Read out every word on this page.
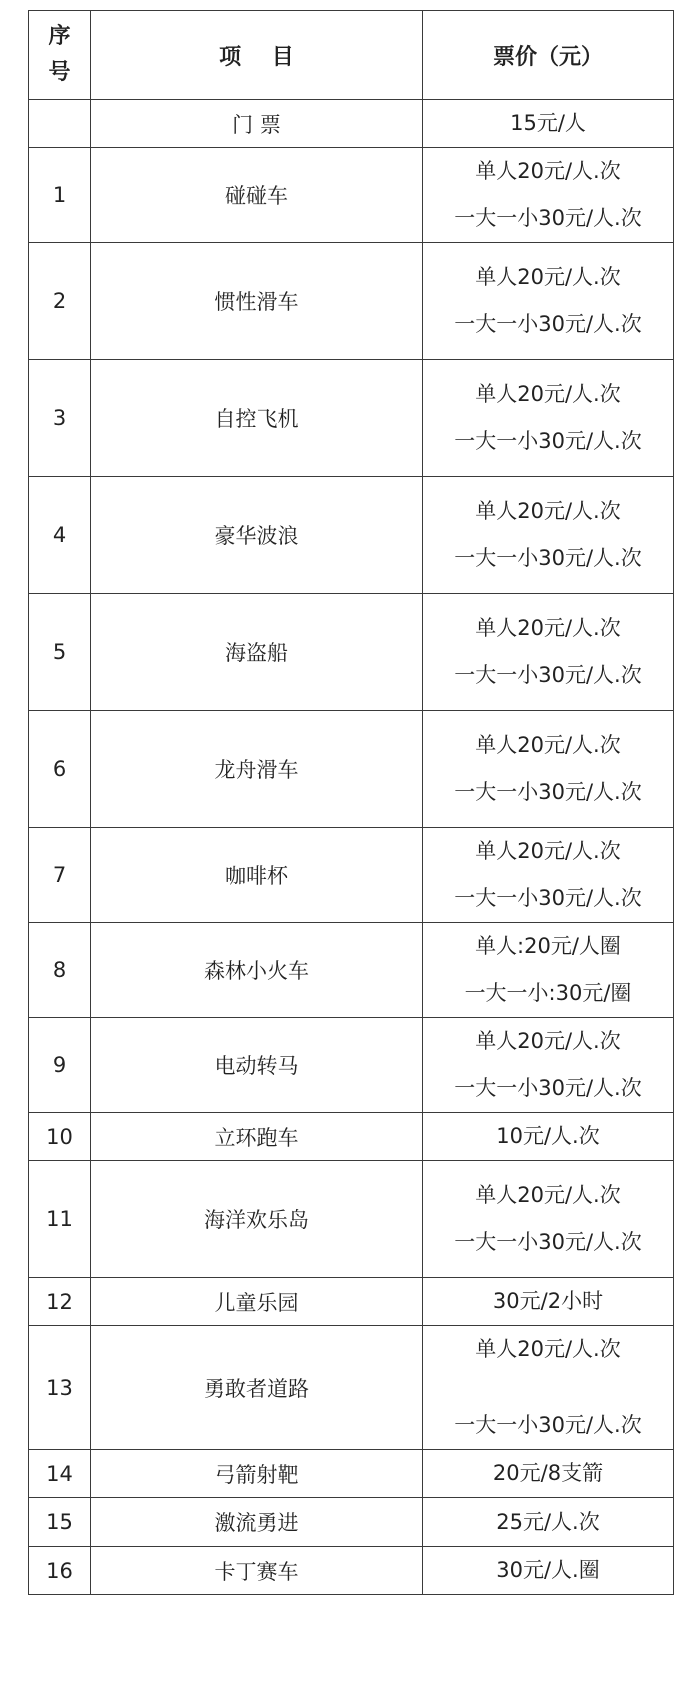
序
号	项    目	票价（元）
	门 票	15元/人

1	碰碰车	单人20元/人.次
一大一小30元/人.次

2	惯性滑车	单人20元/人.次
一大一小30元/人.次

3	自控飞机	单人20元/人.次
一大一小30元/人.次

4	豪华波浪	单人20元/人.次
一大一小30元/人.次

5	海盗船	单人20元/人.次
一大一小30元/人.次

6	龙舟滑车	单人20元/人.次
一大一小30元/人.次

7	咖啡杯	单人20元/人.次
一大一小30元/人.次

8	森林小火车	单人:20元/人圈
一大一小:30元/圈

9	电动转马	单人20元/人.次
一大一小30元/人.次

10	立环跑车	10元/人.次

11	海洋欢乐岛	单人20元/人.次
一大一小30元/人.次

12	儿童乐园	30元/2小时

13	勇敢者道路	单人20元/人.次
一大一小30元/人.次

14	弓箭射靶	20元/8支箭

15	激流勇进	25元/人.次

16	卡丁赛车	30元/人.圈
